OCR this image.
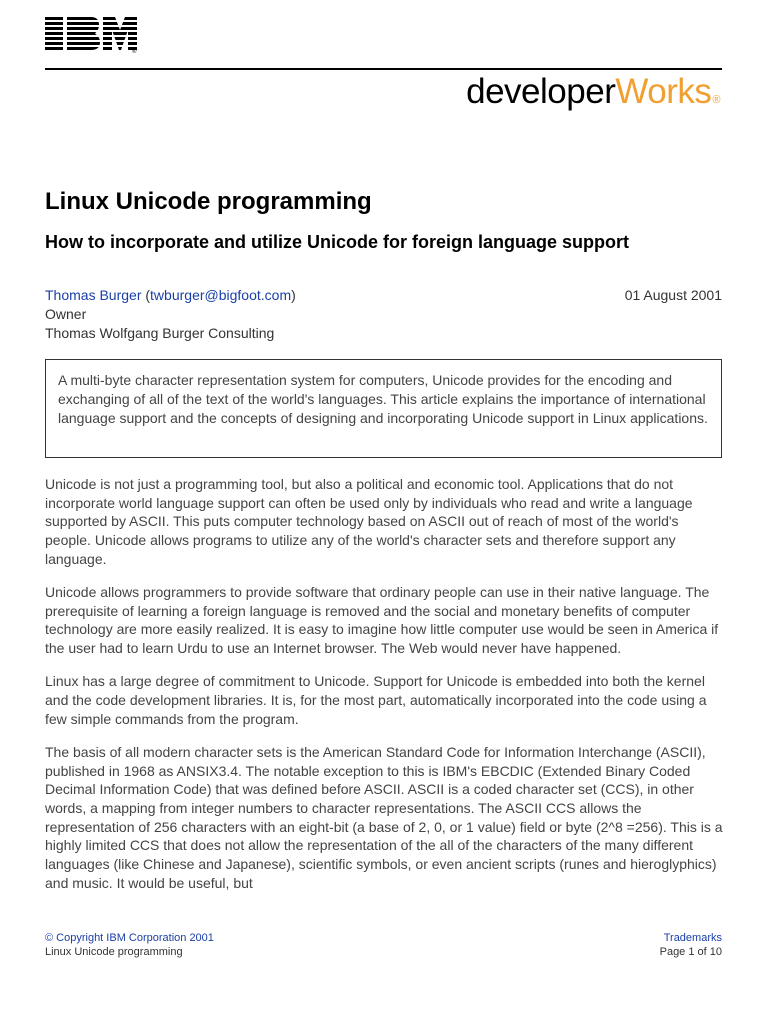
®
developerWorks®
Linux Unicode programming
How to incorporate and utilize Unicode for foreign language support
Thomas Burger (twburger@bigfoot.com)
Owner
Thomas Wolfgang Burger Consulting
01 August 2001
A multi-byte character representation system for computers, Unicode provides for the encoding and exchanging of all of the text of the world's languages. This article explains the importance of international language support and the concepts of designing and incorporating Unicode support in Linux applications.

Unicode is not just a programming tool, but also a political and economic tool. Applications that do not incorporate world language support can often be used only by individuals who read and write a language supported by ASCII. This puts computer technology based on ASCII out of reach of most of the world's people. Unicode allows programs to utilize any of the world's character sets and therefore support any language.

Unicode allows programmers to provide software that ordinary people can use in their native language. The prerequisite of learning a foreign language is removed and the social and monetary benefits of computer technology are more easily realized. It is easy to imagine how little computer use would be seen in America if the user had to learn Urdu to use an Internet browser. The Web would never have happened.

Linux has a large degree of commitment to Unicode. Support for Unicode is embedded into both the kernel and the code development libraries. It is, for the most part, automatically incorporated into the code using a few simple commands from the program.

The basis of all modern character sets is the American Standard Code for Information Interchange (ASCII), published in 1968 as ANSIX3.4. The notable exception to this is IBM's EBCDIC (Extended Binary Coded Decimal Information Code) that was defined before ASCII. ASCII is a coded character set (CCS), in other words, a mapping from integer numbers to character representations. The ASCII CCS allows the representation of 256 characters with an eight-bit (a base of 2, 0, or 1 value) field or byte (2^8 =256). This is a highly limited CCS that does not allow the representation of the all of the characters of the many different languages (like Chinese and Japanese), scientific symbols, or even ancient scripts (runes and hieroglyphics) and music. It would be useful, but

© Copyright IBM Corporation 2001
Linux Unicode programming
Trademarks
Page 1 of 10
